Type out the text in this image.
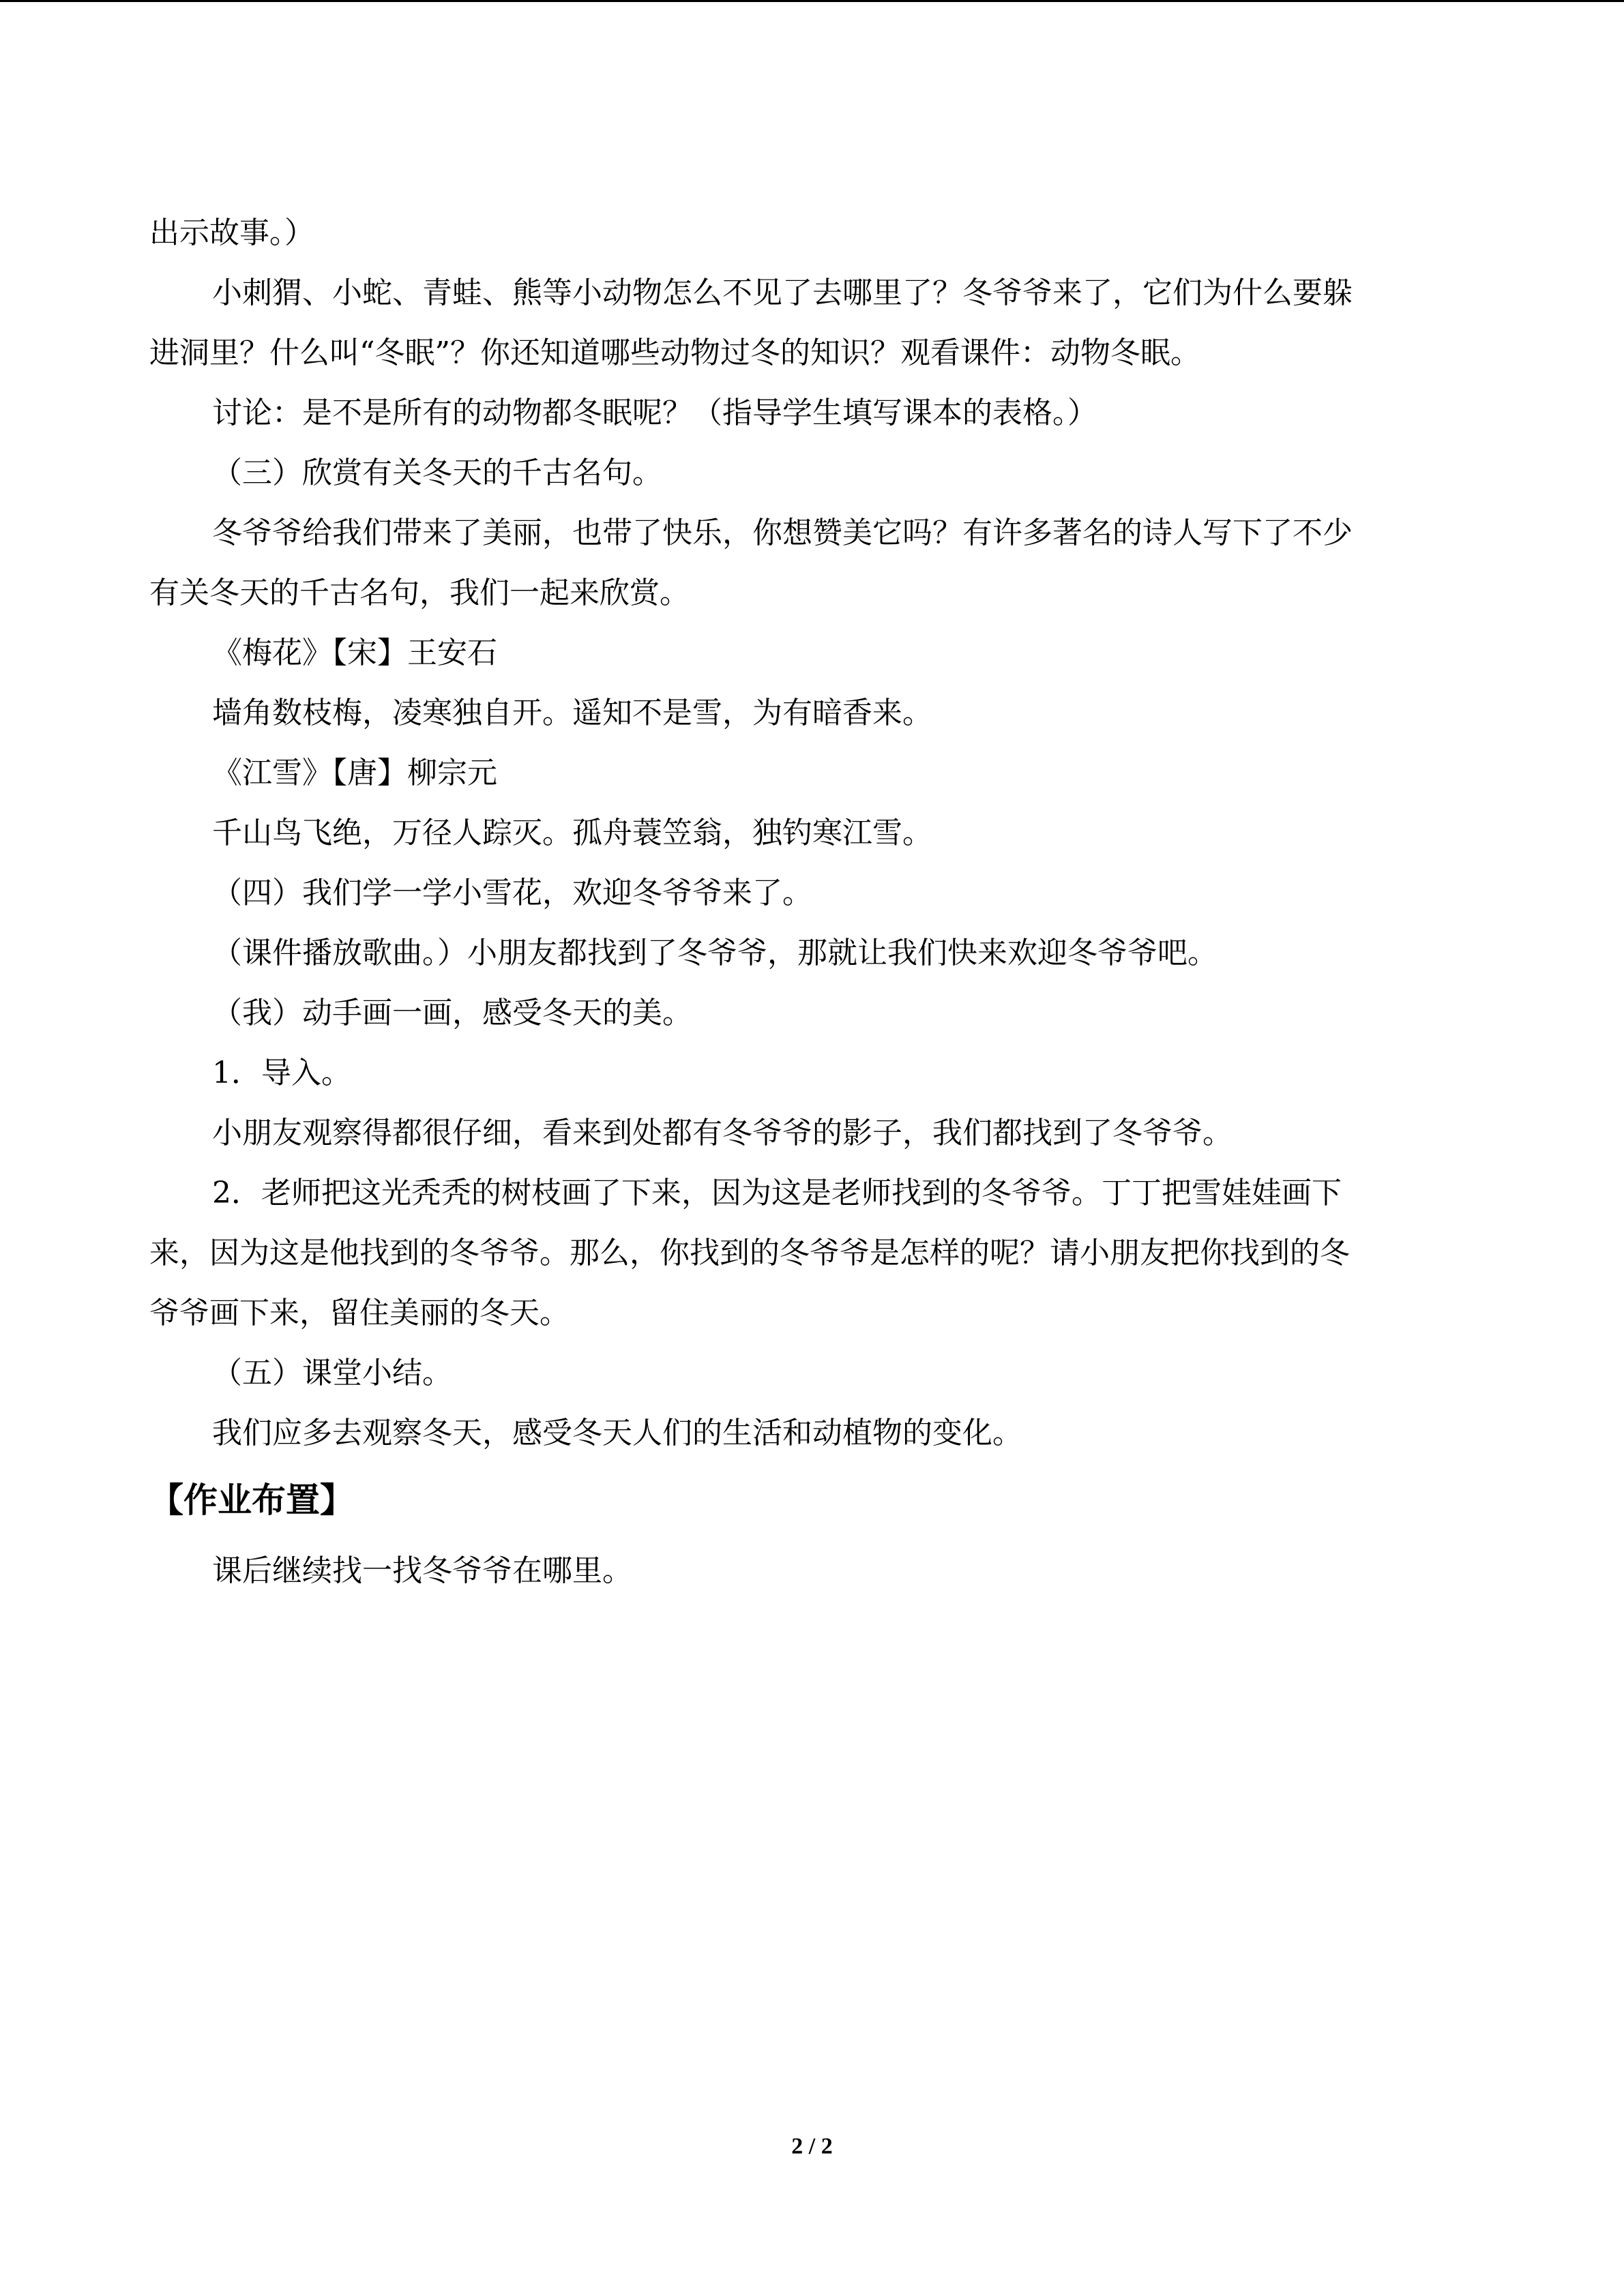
出示故事。）

小刺猬、小蛇、青蛙、熊等小动物怎么不见了去哪里了？冬爷爷来了，它们为什么要躲

进洞里？什么叫“冬眠”？你还知道哪些动物过冬的知识？观看课件：动物冬眠。

讨论：是不是所有的动物都冬眠呢？（指导学生填写课本的表格。）

（三）欣赏有关冬天的千古名句。

冬爷爷给我们带来了美丽，也带了快乐，你想赞美它吗？有许多著名的诗人写下了不少

有关冬天的千古名句，我们一起来欣赏。

《梅花》【宋】王安石

墙角数枝梅，凌寒独自开。遥知不是雪，为有暗香来。

《江雪》【唐】柳宗元

千山鸟飞绝，万径人踪灭。孤舟蓑笠翁，独钓寒江雪。

（四）我们学一学小雪花，欢迎冬爷爷来了。

（课件播放歌曲。）小朋友都找到了冬爷爷，那就让我们快来欢迎冬爷爷吧。

（我）动手画一画，感受冬天的美。

1．导入。

小朋友观察得都很仔细，看来到处都有冬爷爷的影子，我们都找到了冬爷爷。

2．老师把这光秃秃的树枝画了下来，因为这是老师找到的冬爷爷。丁丁把雪娃娃画下

来，因为这是他找到的冬爷爷。那么，你找到的冬爷爷是怎样的呢？请小朋友把你找到的冬

爷爷画下来，留住美丽的冬天。

（五）课堂小结。

我们应多去观察冬天，感受冬天人们的生活和动植物的变化。

【作业布置】

课后继续找一找冬爷爷在哪里。

2 / 2
